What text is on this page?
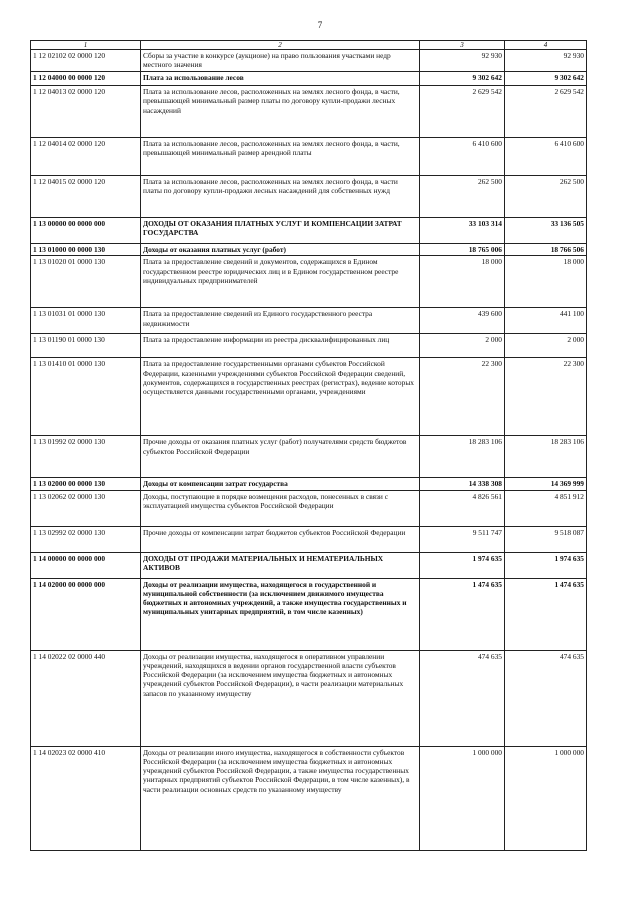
7
1	2	3	4
1 12 02102 02 0000 120	Сборы за участие в конкурсе (аукционе) на право пользования участками недр местного значения	92 930	92 930
1 12 04000 00 0000 120	Плата за использование лесов	9 302 642	9 302 642
1 12 04013 02 0000 120	Плата за использование лесов, расположенных на землях лесного фонда, в части, превышающей минимальный размер платы по договору купли-продажи лесных насаждений	2 629 542	2 629 542
1 12 04014 02 0000 120	Плата за использование лесов, расположенных на землях лесного фонда, в части, превышающей минимальный размер арендной платы	6 410 600	6 410 600
1 12 04015 02 0000 120	Плата за использование лесов, расположенных на землях лесного фонда, в части платы по договору купли-продажи лесных насаждений для собственных нужд	262 500	262 500
1 13 00000 00 0000 000	ДОХОДЫ ОТ ОКАЗАНИЯ ПЛАТНЫХ УСЛУГ И КОМПЕНСАЦИИ ЗАТРАТ ГОСУДАРСТВА	33 103 314	33 136 505
1 13 01000 00 0000 130	Доходы от оказания платных услуг (работ)	18 765 006	18 766 506
1 13 01020 01 0000 130	Плата за предоставление сведений и документов, содержащихся в Едином государственном реестре юридических лиц и в Едином государственном реестре индивидуальных предпринимателей	18 000	18 000
1 13 01031 01 0000 130	Плата за предоставление сведений из Единого государственного реестра недвижимости	439 600	441 100
1 13 01190 01 0000 130	Плата за предоставление информации из реестра дисквалифицированных лиц	2 000	2 000
1 13 01410 01 0000 130	Плата за предоставление государственными органами субъектов Российской Федерации, казенными учреждениями субъектов Российской Федерации сведений, документов, содержащихся в государственных реестрах (регистрах), ведение которых осуществляется данными государственными органами, учреждениями	22 300	22 300
1 13 01992 02 0000 130	Прочие доходы от оказания платных услуг (работ) получателями средств бюджетов субъектов Российской Федерации	18 283 106	18 283 106
1 13 02000 00 0000 130	Доходы от компенсации затрат государства	14 338 308	14 369 999
1 13 02062 02 0000 130	Доходы, поступающие в порядке возмещения расходов, понесенных в связи с эксплуатацией имущества субъектов Российской Федерации	4 826 561	4 851 912
1 13 02992 02 0000 130	Прочие доходы от компенсации затрат бюджетов субъектов Российской Федерации	9 511 747	9 518 087
1 14 00000 00 0000 000	ДОХОДЫ ОТ ПРОДАЖИ МАТЕРИАЛЬНЫХ И НЕМАТЕРИАЛЬНЫХ АКТИВОВ	1 974 635	1 974 635
1 14 02000 00 0000 000	Доходы от реализации имущества, находящегося в государственной и муниципальной собственности (за исключением движимого имущества бюджетных и автономных учреждений, а также имущества государственных и муниципальных унитарных предприятий, в том числе казенных)	1 474 635	1 474 635
1 14 02022 02 0000 440	Доходы от реализации имущества, находящегося в оперативном управлении учреждений, находящихся в ведении органов государственной власти субъектов Российской Федерации (за исключением имущества бюджетных и автономных учреждений субъектов Российской Федерации), в части реализации материальных запасов по указанному имуществу	474 635	474 635
1 14 02023 02 0000 410	Доходы от реализации иного имущества, находящегося в собственности субъектов Российской Федерации (за исключением имущества бюджетных и автономных учреждений субъектов Российской Федерации, а также имущества государственных унитарных предприятий субъектов Российской Федерации, в том числе казенных), в части реализации основных средств по указанному имуществу	1 000 000	1 000 000
